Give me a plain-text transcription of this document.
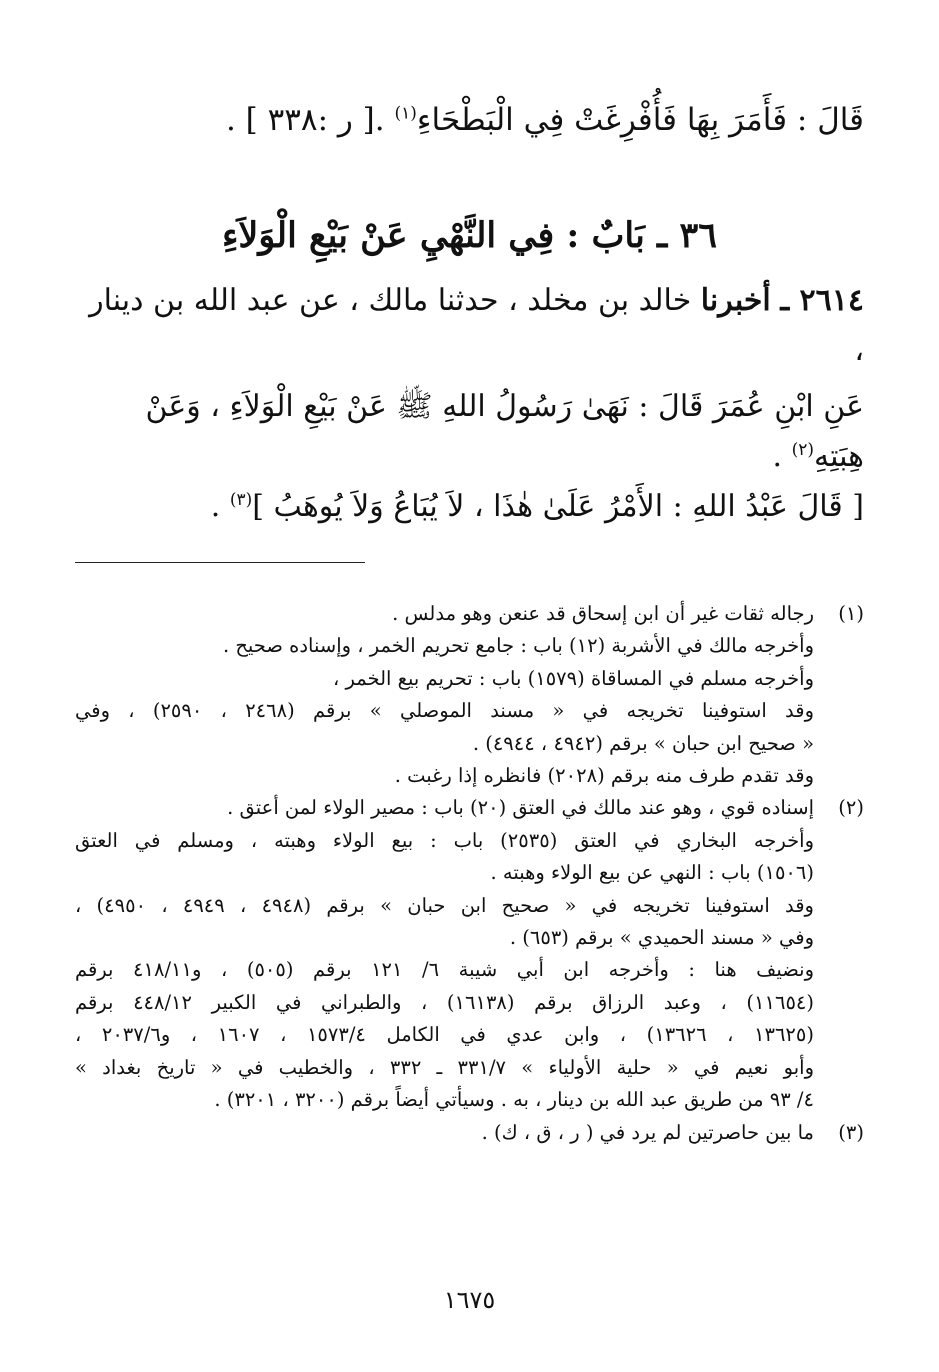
قَالَ : فَأَمَرَ بِهَا فَأُفْرِغَتْ فِي الْبَطْحَاءِ$^{(١)}$ .[ ر :٣٣٨ ] .

٣٦ ـ بَابٌ : فِي النَّهْيِ عَنْ بَيْعِ الْوَلاَءِ

٢٦١٤ ـ أخبرنا خالد بن مخلد ، حدثنا مالك ، عن عبد الله بن دينار ،

عَنِ ابْنِ عُمَرَ قَالَ : نَهَىٰ رَسُولُ اللهِ ﷺ عَنْ بَيْعِ الْوَلاَءِ ، وَعَنْ هِبَتِهِ$^{(٢)}$ .
[ قَالَ عَبْدُ اللهِ : الأَمْرُ عَلَىٰ هٰذَا ، لاَ يُبَاعُ وَلاَ يُوهَبُ ]$^{(٣)}$ .
(١)
رجاله ثقات غير أن ابن إسحاق قد عنعن وهو مدلس .
وأخرجه مالك في الأشربة (١٢) باب : جامع تحريم الخمر ، وإسناده صحيح .
وأخرجه مسلم في المساقاة (١٥٧٩) باب : تحريم بيع الخمر ،
وقد استوفينا تخريجه في « مسند الموصلي » برقم (٢٤٦٨ ، ٢٥٩٠) ، وفي
« صحيح ابن حبان » برقم (٤٩٤٢ ، ٤٩٤٤) .
وقد تقدم طرف منه برقم (٢٠٢٨) فانظره إذا رغبت .
(٢)
إسناده قوي ، وهو عند مالك في العتق (٢٠) باب : مصير الولاء لمن أعتق .
وأخرجه البخاري في العتق (٢٥٣٥) باب : بيع الولاء وهبته ، ومسلم في العتق
(١٥٠٦) باب : النهي عن بيع الولاء وهبته .
وقد استوفينا تخريجه في « صحيح ابن حبان » برقم (٤٩٤٨ ، ٤٩٤٩ ، ٤٩٥٠) ،
وفي « مسند الحميدي » برقم (٦٥٣) .
ونضيف هنا : وأخرجه ابن أبي شيبة ٦/ ١٢١ برقم (٥٠٥) ، و٤١٨/١١ برقم
(١١٦٥٤) ، وعبد الرزاق برقم (١٦١٣٨) ، والطبراني في الكبير ٤٤٨/١٢ برقم
(١٣٦٢٥ ، ١٣٦٢٦) ، وابن عدي في الكامل ١٥٧٣/٤ ، ١٦٠٧ ، و٢٠٣٧/٦ ،
وأبو نعيم في « حلية الأولياء » ٣٣١/٧ ـ ٣٣٢ ، والخطيب في « تاريخ بغداد »
٤/ ٩٣ من طريق عبد الله بن دينار ، به . وسيأتي أيضاً برقم (٣٢٠٠ ، ٣٢٠١) .
(٣)
ما بين حاصرتين لم يرد في ( ر ، ق ، ك) .
١٦٧٥
